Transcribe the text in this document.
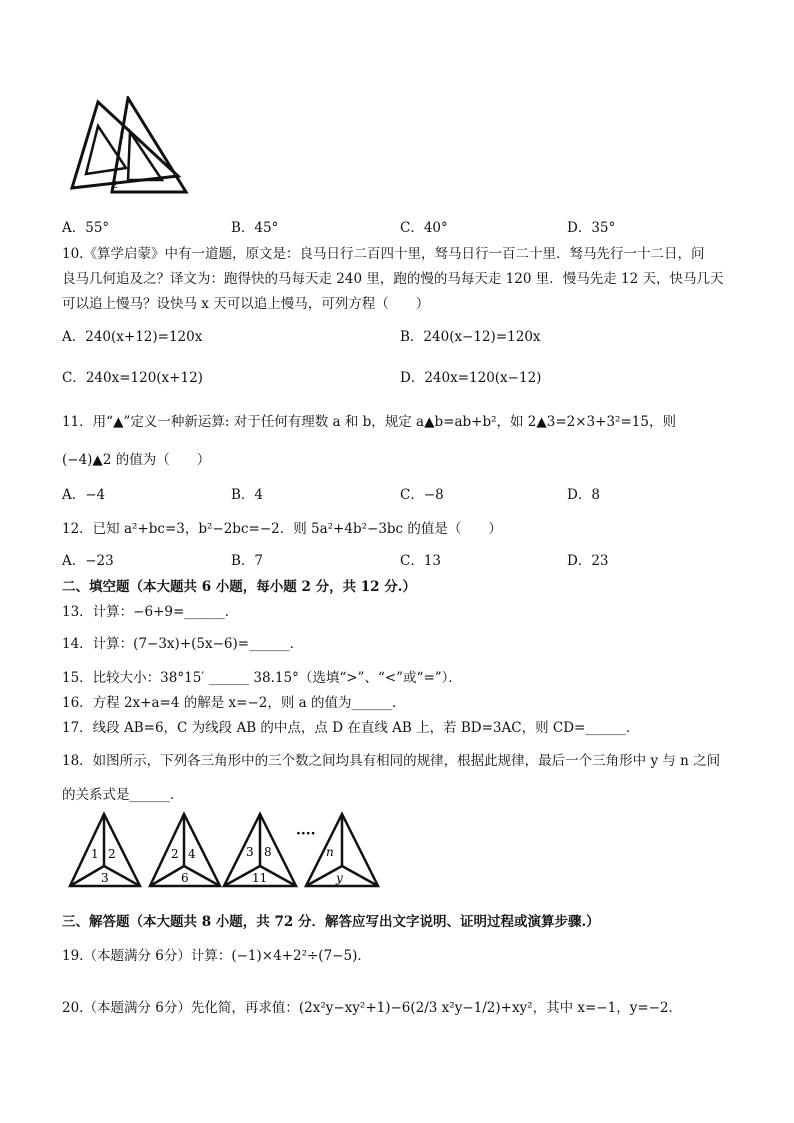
1
2
A．55°	B．45°	C．40°	D．35°
10.《算学启蒙》中有一道题，原文是：良马日行二百四十里，驽马日行一百二十里．驽马先行一十二日，问
良马几何追及之？译文为：跑得快的马每天走 240 里，跑的慢的马每天走 120 里．慢马先走 12 天，快马几天
可以追上慢马？设快马 x 天可以追上慢马，可列方程（　　）
A．240(x+12)=120x	B．240(x−12)=120x
C．240x=120(x+12)	D．240x=120(x−12)
11．用“▲”定义一种新运算: 对于任何有理数 a 和 b，规定 a▲b=ab+b²，如 2▲3=2×3+3²=15，则
(−4)▲2 的值为（　　）
A．−4	B．4	C．−8	D．8
12．已知 a²+bc=3，b²−2bc=−2．则 5a²+4b²−3bc 的值是（　　）
A．−23	B．7	C．13	D．23
二、填空题（本大题共 6 小题，每小题 2 分，共 12 分.）
13．计算：−6+9=______．
14．计算：(7−3x)+(5x−6)=______．
15．比较大小：38°15′ ______ 38.15°（选填“>”、“<”或“=”）．
16．方程 2x+a=4 的解是 x=−2，则 a 的值为______．
17．线段 AB=6，C 为线段 AB 的中点，点 D 在直线 AB 上，若 BD=3AC，则 CD=______．
18．如图所示，下列各三角形中的三个数之间均具有相同的规律，根据此规律，最后一个三角形中 y 与 n 之间
的关系式是______．
1 2
3
2 4
6
3 8
11
····
n
y
三、解答题（本大题共 8 小题，共 72 分．解答应写出文字说明、证明过程或演算步骤.）
19.（本题满分 6分）计算：(−1)×4+2²÷(7−5)．
20.（本题满分 6分）先化简，再求值：(2x²y−xy²+1)−6(2/3 x²y−1/2)+xy²，其中 x=−1，y=−2．
